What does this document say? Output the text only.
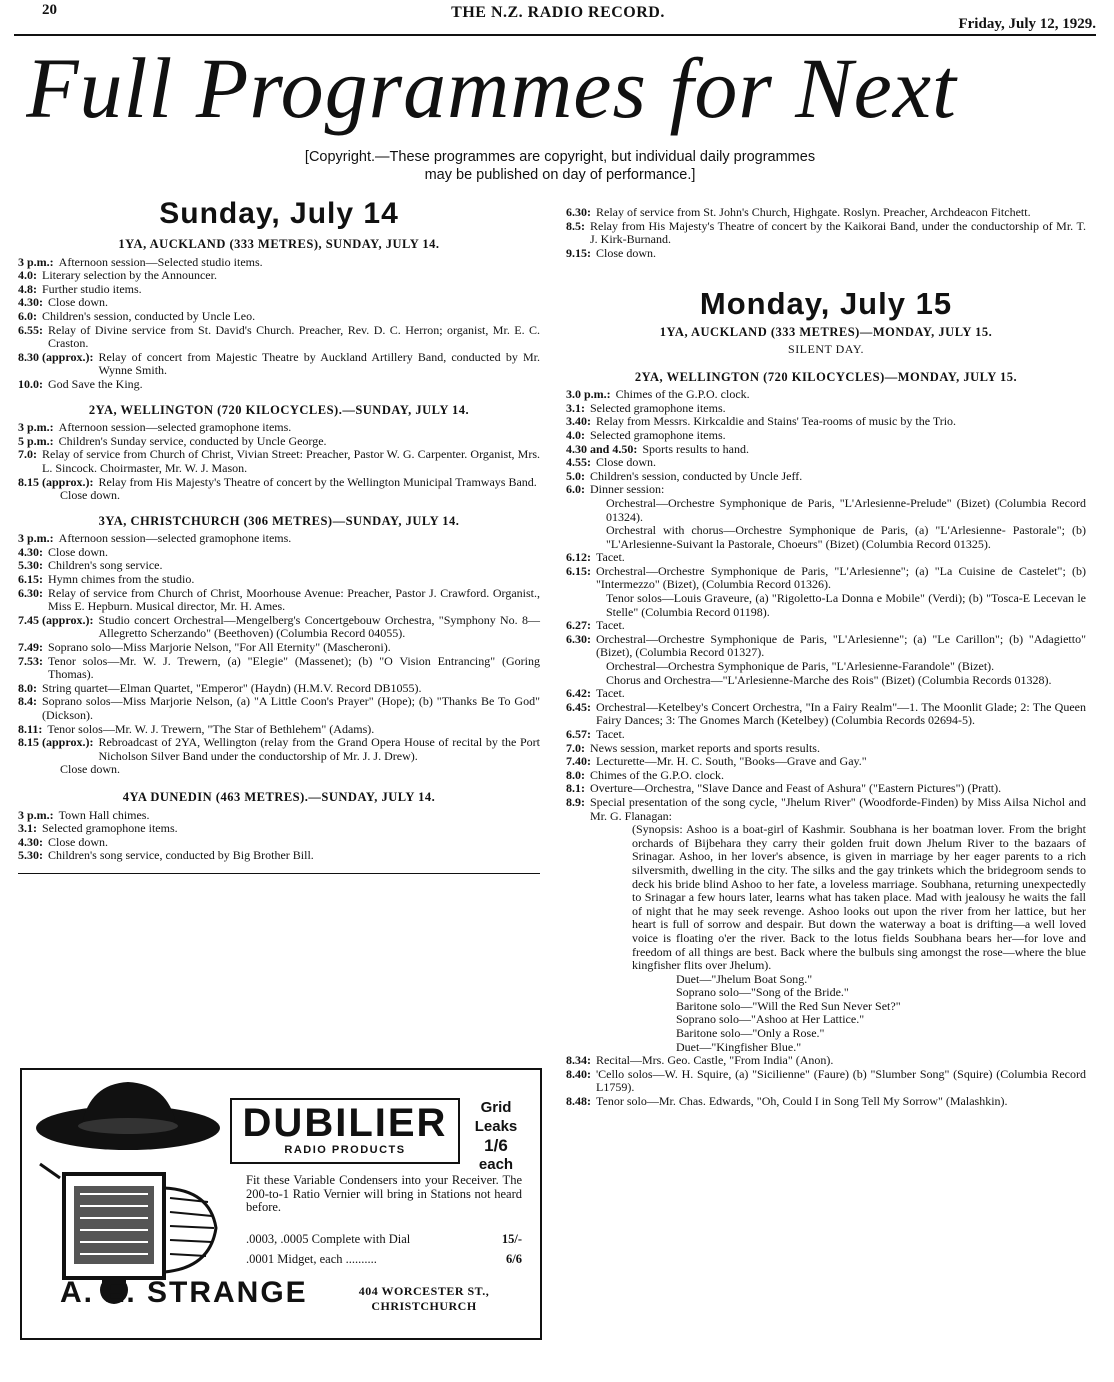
20	THE N.Z. RADIO RECORD.
Friday, July 12, 1929.
Full Programmes for Next
[Copyright.—These programmes are copyright, but individual daily programmes may be published on day of performance.]
Sunday, July 14
1YA, AUCKLAND (333 METRES), SUNDAY, JULY 14.
3 p.m.: Afternoon session—Selected studio items.
4.0: Literary selection by the Announcer.
4.8: Further studio items.
4.30: Close down.
6.0: Children's session, conducted by Uncle Leo.
6.55: Relay of Divine service from St. David's Church. Preacher, Rev. D. C. Herron; organist, Mr. E. C. Craston.
8.30 (approx.): Relay of concert from Majestic Theatre by Auckland Artillery Band, conducted by Mr. Wynne Smith.
10.0: God Save the King.
2YA, WELLINGTON (720 KILOCYCLES).—SUNDAY, JULY 14.
3 p.m.: Afternoon session—selected gramophone items.
5 p.m.: Children's Sunday service, conducted by Uncle George.
7.0: Relay of service from Church of Christ, Vivian Street: Preacher, Pastor W. G. Carpenter. Organist, Mrs. L. Sincock. Choirmaster, Mr. W. J. Mason.
8.15 (approx.): Relay from His Majesty's Theatre of concert by the Wellington Municipal Tramways Band.
Close down.
3YA, CHRISTCHURCH (306 METRES)—SUNDAY, JULY 14.
3 p.m.: Afternoon session—selected gramophone items.
4.30: Close down.
5.30: Children's song service.
6.15: Hymn chimes from the studio.
6.30: Relay of service from Church of Christ, Moorhouse Avenue: Preacher, Pastor J. Crawford. Organist., Miss E. Hepburn. Musical director, Mr. H. Ames.
7.45 (approx.): Studio concert Orchestral—Mengelberg's Concertgebouw Orchestra, "Symphony No. 8—Allegretto Scherzando" (Beethoven) (Columbia Record 04055).
7.49: Soprano solo—Miss Marjorie Nelson, "For All Eternity" (Mascheroni).
7.53: Tenor solos—Mr. W. J. Trewern, (a) "Elegie" (Massenet); (b) "O Vision Entrancing" (Goring Thomas).
8.0: String quartet—Elman Quartet, "Emperor" (Haydn) (H.M.V. Record DB1055).
8.4: Soprano solos—Miss Marjorie Nelson, (a) "A Little Coon's Prayer" (Hope); (b) "Thanks Be To God" (Dickson).
8.11: Tenor solos—Mr. W. J. Trewern, "The Star of Bethlehem" (Adams).
8.15 (approx.): Rebroadcast of 2YA, Wellington (relay from the Grand Opera House of recital by the Port Nicholson Silver Band under the conductorship of Mr. J. J. Drew).
Close down.
4YA DUNEDIN (463 METRES).—SUNDAY, JULY 14.
3 p.m.: Town Hall chimes.
3.1: Selected gramophone items.
4.30: Close down.
5.30: Children's song service, conducted by Big Brother Bill.
DUBILIER
RADIO PRODUCTS
Grid
Leaks
1/6
each
Fit these Variable Condensers into your Receiver. The 200-to-1 Ratio Vernier will bring in Stations not heard before.
.0003, .0005 Complete with Dial	15/-
.0001 Midget, each ..........	6/6
A. E. STRANGE	404 WORCESTER ST.,
CHRISTCHURCH
6.30: Relay of service from St. John's Church, Highgate. Roslyn. Preacher, Archdeacon Fitchett.
8.5: Relay from His Majesty's Theatre of concert by the Kaikorai Band, under the conductorship of Mr. T. J. Kirk-Burnand.
9.15: Close down.
Monday, July 15
1YA, AUCKLAND (333 METRES)—MONDAY, JULY 15.
SILENT DAY.
2YA, WELLINGTON (720 KILOCYCLES)—MONDAY, JULY 15.
3.0 p.m.: Chimes of the G.P.O. clock.
3.1: Selected gramophone items.
3.40: Relay from Messrs. Kirkcaldie and Stains' Tea-rooms of music by the Trio.
4.0: Selected gramophone items.
4.30 and 4.50: Sports results to hand.
4.55: Close down.
5.0: Children's session, conducted by Uncle Jeff.
6.0: Dinner session:
Orchestral—Orchestre Symphonique de Paris, "L'Arlesienne-Prelude" (Bizet) (Columbia Record 01324).
Orchestral with chorus—Orchestre Symphonique de Paris, (a) "L'Arlesienne- Pastorale"; (b) "L'Arlesienne-Suivant la Pastorale, Choeurs" (Bizet) (Columbia Record 01325).
6.12: Tacet.
6.15: Orchestral—Orchestre Symphonique de Paris, "L'Arlesienne"; (a) "La Cuisine de Castelet"; (b) "Intermezzo" (Bizet), (Columbia Record 01326).
Tenor solos—Louis Graveure, (a) "Rigoletto-La Donna e Mobile" (Verdi); (b) "Tosca-E Lecevan le Stelle" (Columbia Record 01198).
6.27: Tacet.
6.30: Orchestral—Orchestre Symphonique de Paris, "L'Arlesienne"; (a) "Le Carillon"; (b) "Adagietto" (Bizet), (Columbia Record 01327).
Orchestral—Orchestra Symphonique de Paris, "L'Arlesienne-Farandole" (Bizet).
Chorus and Orchestra—"L'Arlesienne-Marche des Rois" (Bizet) (Columbia Records 01328).
6.42: Tacet.
6.45: Orchestral—Ketelbey's Concert Orchestra, "In a Fairy Realm"—1. The Moonlit Glade; 2: The Queen Fairy Dances; 3: The Gnomes March (Ketelbey) (Columbia Records 02694-5).
6.57: Tacet.
7.0: News session, market reports and sports results.
7.40: Lecturette—Mr. H. C. South, "Books—Grave and Gay."
8.0: Chimes of the G.P.O. clock.
8.1: Overture—Orchestra, "Slave Dance and Feast of Ashura" ("Eastern Pictures") (Pratt).
8.9: Special presentation of the song cycle, "Jhelum River" (Woodforde-Finden) by Miss Ailsa Nichol and Mr. G. Flanagan:
(Synopsis: Ashoo is a boat-girl of Kashmir. Soubhana is her boatman lover. From the bright orchards of Bijbehara they carry their golden fruit down Jhelum River to the bazaars of Srinagar. Ashoo, in her lover's absence, is given in marriage by her eager parents to a rich silversmith, dwelling in the city. The silks and the gay trinkets which the bridegroom sends to deck his bride blind Ashoo to her fate, a loveless marriage. Soubhana, returning unexpectedly to Srinagar a few hours later, learns what has taken place. Mad with jealousy he waits the fall of night that he may seek revenge. Ashoo looks out upon the river from her lattice, but her heart is full of sorrow and despair. But down the waterway a boat is drifting—a well loved voice is floating o'er the river. Back to the lotus fields Soubhana bears her—for love and freedom of all things are best. Back where the bulbuls sing amongst the rose—where the blue kingfisher flits over Jhelum).
Duet—"Jhelum Boat Song."
Soprano solo—"Song of the Bride."
Baritone solo—"Will the Red Sun Never Set?"
Soprano solo—"Ashoo at Her Lattice."
Baritone solo—"Only a Rose."
Duet—"Kingfisher Blue."
8.34: Recital—Mrs. Geo. Castle, "From India" (Anon).
8.40: 'Cello solos—W. H. Squire, (a) "Sicilienne" (Faure) (b) "Slumber Song" (Squire) (Columbia Record L1759).
8.48: Tenor solo—Mr. Chas. Edwards, "Oh, Could I in Song Tell My Sorrow" (Malashkin).
